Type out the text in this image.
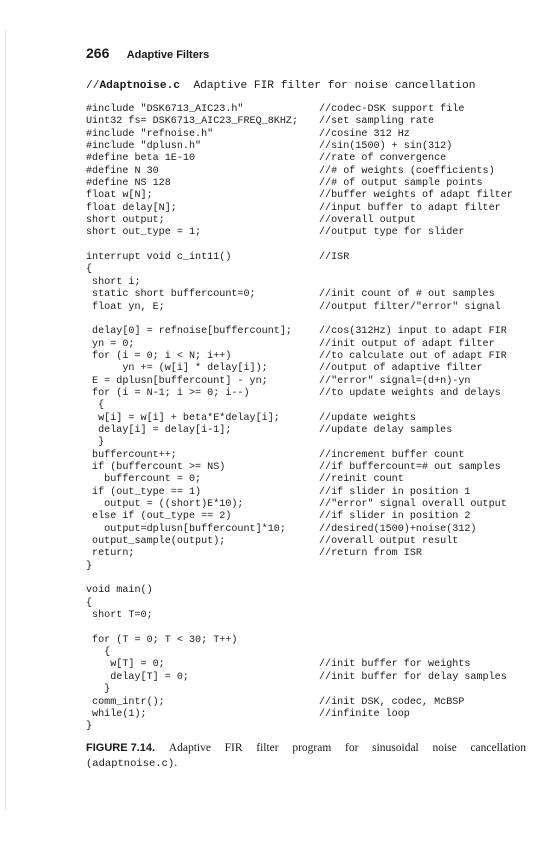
266 Adaptive Filters
//Adaptnoise.c Adaptive FIR filter for noise cancellation
#include "DSK6713_AIC23.h"	//codec-DSK support file
Uint32 fs= DSK6713_AIC23_FREQ_8KHZ; //set sampling rate
#include "refnoise.h"	//cosine 312 Hz
#include "dplusn.h"	//sin(1500) + sin(312)
#define beta 1E-10	//rate of convergence
#define N 30	//# of weights (coefficients)
#define NS 128	//# of output sample points
float w[N];	//buffer weights of adapt filter
float delay[N];	//input buffer to adapt filter
short output;	//overall output
short out_type = 1;	//output type for slider
interrupt void c_int11()	//ISR
{
short i;
static short buffercount=0;	//init count of # out samples
float yn, E;	//output filter/"error" signal
delay[0] = refnoise[buffercount];	//cos(312Hz) input to adapt FIR
yn = 0;	//init output of adapt filter
for (i = 0; i < N; i++)	//to calculate out of adapt FIR
yn += (w[i] * delay[i]);	//output of adaptive filter
E = dplusn[buffercount] - yn;	//"error" signal=(d+n)-yn
for (i = N-1; i >= 0; i--)	//to update weights and delays
{
w[i] = w[i] + beta*E*delay[i];	//update weights
delay[i] = delay[i-1];	//update delay samples
}
buffercount++;	//increment buffer count
if (buffercount >= NS)	//if buffercount=# out samples
buffercount = 0;	//reinit count
if (out_type == 1)	//if slider in position 1
output = ((short)E*10);	//"error" signal overall output
else if (out_type == 2)	//if slider in position 2
output=dplusn[buffercount]*10;	//desired(1500)+noise(312)
output_sample(output);	//overall output result
return;	//return from ISR
}
void main()
{
short T=0;
for (T = 0; T < 30; T++)
{
w[T] = 0;	//init buffer for weights
delay[T] = 0;	//init buffer for delay samples
}
comm_intr();	//init DSK, codec, McBSP
while(1);	//infinite loop
}
FIGURE 7.14. Adaptive FIR filter program for sinusoidal noise cancellation
(adaptnoise.c).
